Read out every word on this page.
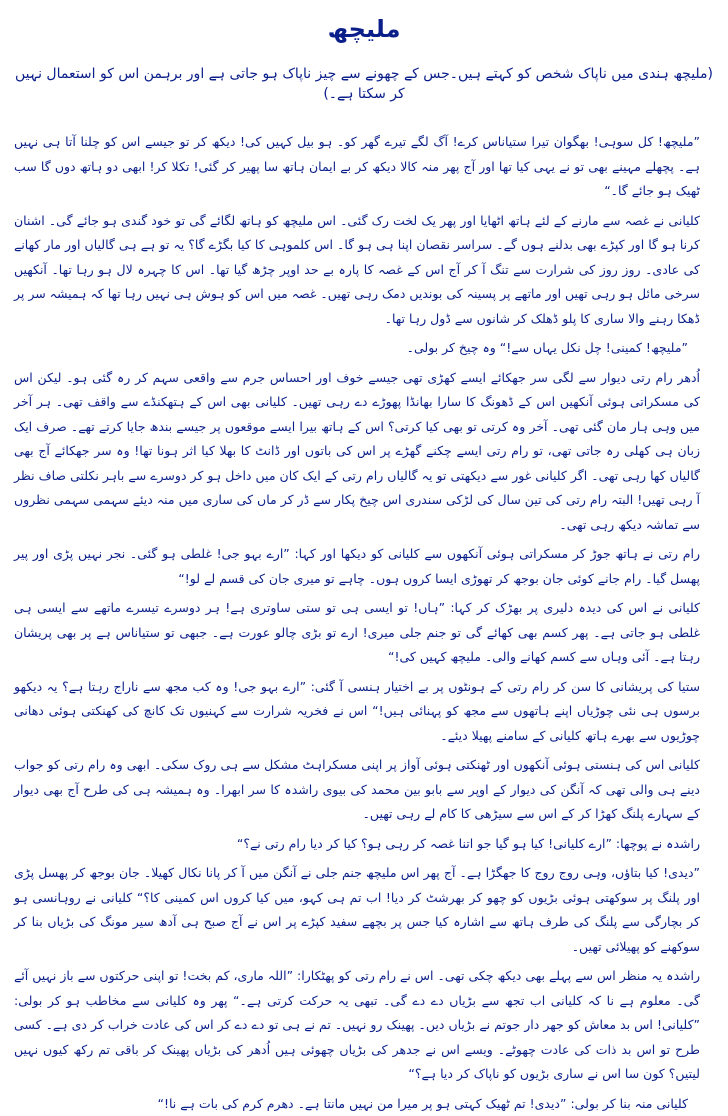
ملیچھ
(ملیچھ ہندی میں ناپاک شخص کو کہتے ہیں۔جس کے چھونے سے چیز ناپاک ہو جاتی ہے اور برہمن اس کو استعمال نہیں کر سکتا ہے۔)

”ملیچھ! کل سوہی! بھگوان تیرا ستیاناس کرے! آگ لگے تیرے گھر کو۔ ہو بیل کہیں کی! دیکھ کر تو جیسے اس کو چلنا آتا ہی نہیں ہے۔ پچھلے مہینے بھی تو نے یہی کیا تھا اور آج پھر منہ کالا دیکھ کر بے ایمان ہاتھ سا پھیر کر گئی! تکلا کر! ابھی دو ہاتھ دوں گا سب ٹھیک ہو جائے گا۔“

کلیانی نے غصہ سے مارنے کے لئے ہاتھ اٹھایا اور پھر یک لخت رک گئی۔ اس ملیچھ کو ہاتھ لگائے گی تو خود گندی ہو جائے گی۔ اشنان کرنا ہو گا اور کپڑے بھی بدلنے ہوں گے۔ سراسر نقصان اپنا ہی ہو گا۔ اس کلموہی کا کیا بگڑے گا؟ یہ تو ہے ہی گالیاں اور مار کھانے کی عادی۔ روز روز کی شرارت سے تنگ آ کر آج اس کے غصہ کا پارہ بے حد اوپر چڑھ گیا تھا۔ اس کا چہرہ لال ہو رہا تھا۔ آنکھیں سرخی مائل ہو رہی تھیں اور ماتھے پر پسینہ کی بوندیں دمک رہی تھیں۔ غصہ میں اس کو ہوش ہی نہیں رہا تھا کہ ہمیشہ سر پر ڈھکا رہنے والا ساری کا پلو ڈھلک کر شانوں سے ڈول رہا تھا۔

”ملیچھ! کمینی! چل نکل یہاں سے!“ وہ چیخ کر بولی۔

اُدھر رام رتی دیوار سے لگی سر جھکائے ایسے کھڑی تھی جیسے خوف اور احساس جرم سے واقعی سہم کر رہ گئی ہو۔ لیکن اس کی مسکراتی ہوئی آنکھیں اس کے ڈھونگ کا سارا بھانڈا پھوڑے دے رہی تھیں۔ کلیانی بھی اس کے ہتھکنڈے سے واقف تھی۔ ہر آخر میں وہی ہار مان گئی تھی۔ آخر وہ کرتی تو بھی کیا کرتی؟ اس کے ہاتھ بیرا ایسے موقعوں پر جیسے بندھ جایا کرتے تھے۔ صرف ایک زبان ہی کھلی رہ جاتی تھی، تو رام رتی ایسے چکنے گھڑے پر اس کی باتوں اور ڈانٹ کا بھلا کیا اثر ہونا تھا! وہ سر جھکائے آج بھی گالیاں کھا رہی تھی۔ اگر کلیانی غور سے دیکھتی تو یہ گالیاں رام رتی کے ایک کان میں داخل ہو کر دوسرے سے باہر نکلتی صاف نظر آ رہی تھیں! البتہ رام رتی کی تین سال کی لڑکی سندری اس چیخ پکار سے ڈر کر ماں کی ساری میں منہ دیئے سہمی سہمی نظروں سے تماشہ دیکھ رہی تھی۔

رام رتی نے ہاتھ جوڑ کر مسکراتی ہوئی آنکھوں سے کلیانی کو دیکھا اور کہا: ”ارے بہو جی! غلطی ہو گئی۔ نجر نہیں پڑی اور پیر پھسل گیا۔ رام جانے کوئی جان بوجھ کر تھوڑی ایسا کروں ہوں۔ چاہے تو میری جان کی قسم لے لو!“

کلیانی نے اس کی دیدہ دلیری پر بھڑک کر کہا: ”ہاں! تو ایسی ہی تو ستی ساوتری ہے! ہر دوسرے تیسرے ماتھے سے ایسی ہی غلطی ہو جاتی ہے۔ پھر کسم بھی کھائے گی تو جنم جلی میری! ارے تو بڑی چالو عورت ہے۔ جبھی تو ستیاناس ہے پر بھی پریشان رہتا ہے۔ آئی وہاں سے کسم کھانے والی۔ ملیچھ کہیں کی!“

ستیا کی پریشانی کا سن کر رام رتی کے ہونٹوں پر بے اختیار ہنسی آ گئی: ”ارے بہو جی! وہ کب مجھ سے ناراج رہتا ہے؟ یہ دیکھو برسوں ہی نئی چوڑیاں اپنے ہاتھوں سے مجھ کو پہنائی ہیں!“ اس نے فخریہ شرارت سے کہنیوں تک کانچ کی کھنکتی ہوئی دھانی چوڑیوں سے بھرے ہاتھ کلیانی کے سامنے پھیلا دیئے۔

کلیانی اس کی ہنستی ہوئی آنکھوں اور ٹھنکتی ہوئی آواز پر اپنی مسکراہٹ مشکل سے ہی روک سکی۔ ابھی وہ رام رتی کو جواب دینے ہی والی تھی کہ آنگن کی دیوار کے اوپر سے بابو بین محمد کی بیوی راشدہ کا سر ابھرا۔ وہ ہمیشہ ہی کی طرح آج بھی دیوار کے سہارے پلنگ کھڑا کر کے اس سے سیڑھی کا کام لے رہی تھیں۔

راشدہ نے پوچھا: ”ارے کلیانی! کیا ہو گیا جو اتنا غصہ کر رہی ہو؟ کیا کر دیا رام رتی نے؟“

”دیدی! کیا بتاؤں، وہی روج روج کا جھگڑا ہے۔ آج پھر اس ملیچھ جنم جلی نے آنگن میں آ کر پانا نکال کھیلا۔ جان بوجھ کر پھسل پڑی اور پلنگ پر سوکھتی ہوئی بڑیوں کو چھو کر بھرشٹ کر دیا! اب تم ہی کہو، میں کیا کروں اس کمینی کا؟“ کلیانی نے روہانسی ہو کر بچارگی سے پلنگ کی طرف ہاتھ سے اشارہ کیا جس پر بچھے سفید کپڑے پر اس نے آج صبح ہی آدھ سیر مونگ کی بڑیاں بنا کر سوکھنے کو پھیلائی تھیں۔

راشدہ یہ منظر اس سے پہلے بھی دیکھ چکی تھی۔ اس نے رام رتی کو پھٹکارا: ”اللہ ماری، کم بخت! تو اپنی حرکتوں سے باز نہیں آئے گی۔ معلوم ہے نا کہ کلیانی اب تجھ سے بڑیاں دے دے گی۔ تبھی یہ حرکت کرتی ہے۔“ پھر وہ کلیانی سے مخاطب ہو کر بولی: ”کلیانی! اس بد معاش کو جھر دار جوتم نے بڑیاں دیں۔ پھینک رو نہیں۔ تم نے ہی تو دے دے کر اس کی عادت خراب کر دی ہے۔ کسی طرح تو اس بد ذات کی عادت چھوٹے۔ ویسے اس نے جدھر کی بڑیاں چھوئی ہیں اُدھر کی بڑیاں پھینک کر باقی تم رکھ کیوں نہیں لیتیں؟ کون سا اس نے ساری بڑیوں کو ناپاک کر دیا ہے؟“

کلیانی منہ بنا کر بولی: ”دیدی! تم ٹھیک کہتی ہو پر میرا من نہیں مانتا ہے۔ دھرم کرم کی بات ہے نا!“
